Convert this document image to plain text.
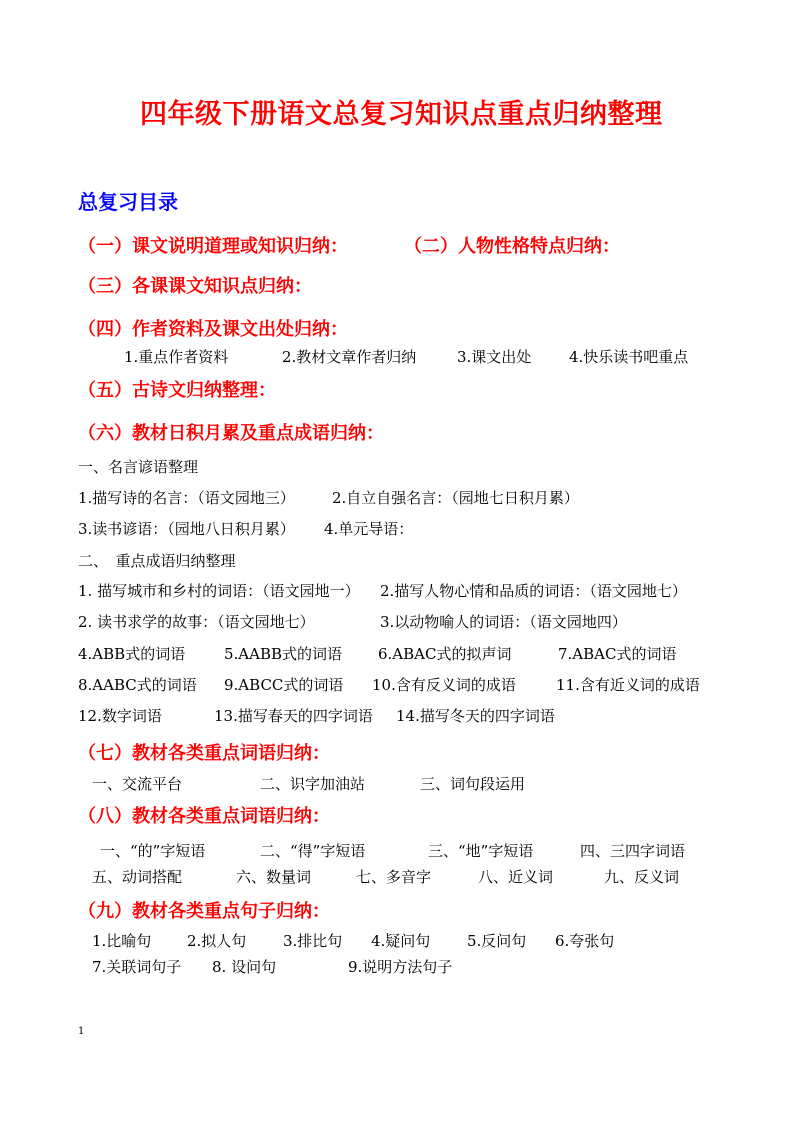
四年级下册语文总复习知识点重点归纳整理
总复习目录
（一）课文说明道理或知识归纳：	（二）人物性格特点归纳：
（三）各课课文知识点归纳：
（四）作者资料及课文出处归纳：
1.重点作者资料	2.教材文章作者归纳	3.课文出处	4.快乐读书吧重点
（五）古诗文归纳整理：
（六）教材日积月累及重点成语归纳：
一、名言谚语整理
1.描写诗的名言：（语文园地三）	2.自立自强名言：（园地七日积月累）
3.读书谚语：（园地八日积月累）	4.单元导语：
二、　重点成语归纳整理
1. 描写城市和乡村的词语：（语文园地一）	2.描写人物心情和品质的词语：（语文园地七）
2. 读书求学的故事：（语文园地七）	3.以动物喻人的词语：（语文园地四）
4.ABB式的词语	5.AABB式的词语	6.ABAC式的拟声词	7.ABAC式的词语
8.AABC式的词语	9.ABCC式的词语	10.含有反义词的成语	11.含有近义词的成语
12.数字词语	13.描写春天的四字词语	14.描写冬天的四字词语
（七）教材各类重点词语归纳：
一、交流平台	二、识字加油站	三、词句段运用
（八）教材各类重点词语归纳：
一、“的”字短语	二、“得”字短语	三、“地”字短语	四、三四字词语
五、动词搭配	六、数量词	七、多音字	八、近义词	九、反义词
（九）教材各类重点句子归纳：
1.比喻句	2.拟人句	3.排比句	4.疑问句	5.反问句	6.夸张句
7.关联词句子	8. 设问句	9.说明方法句子
1
